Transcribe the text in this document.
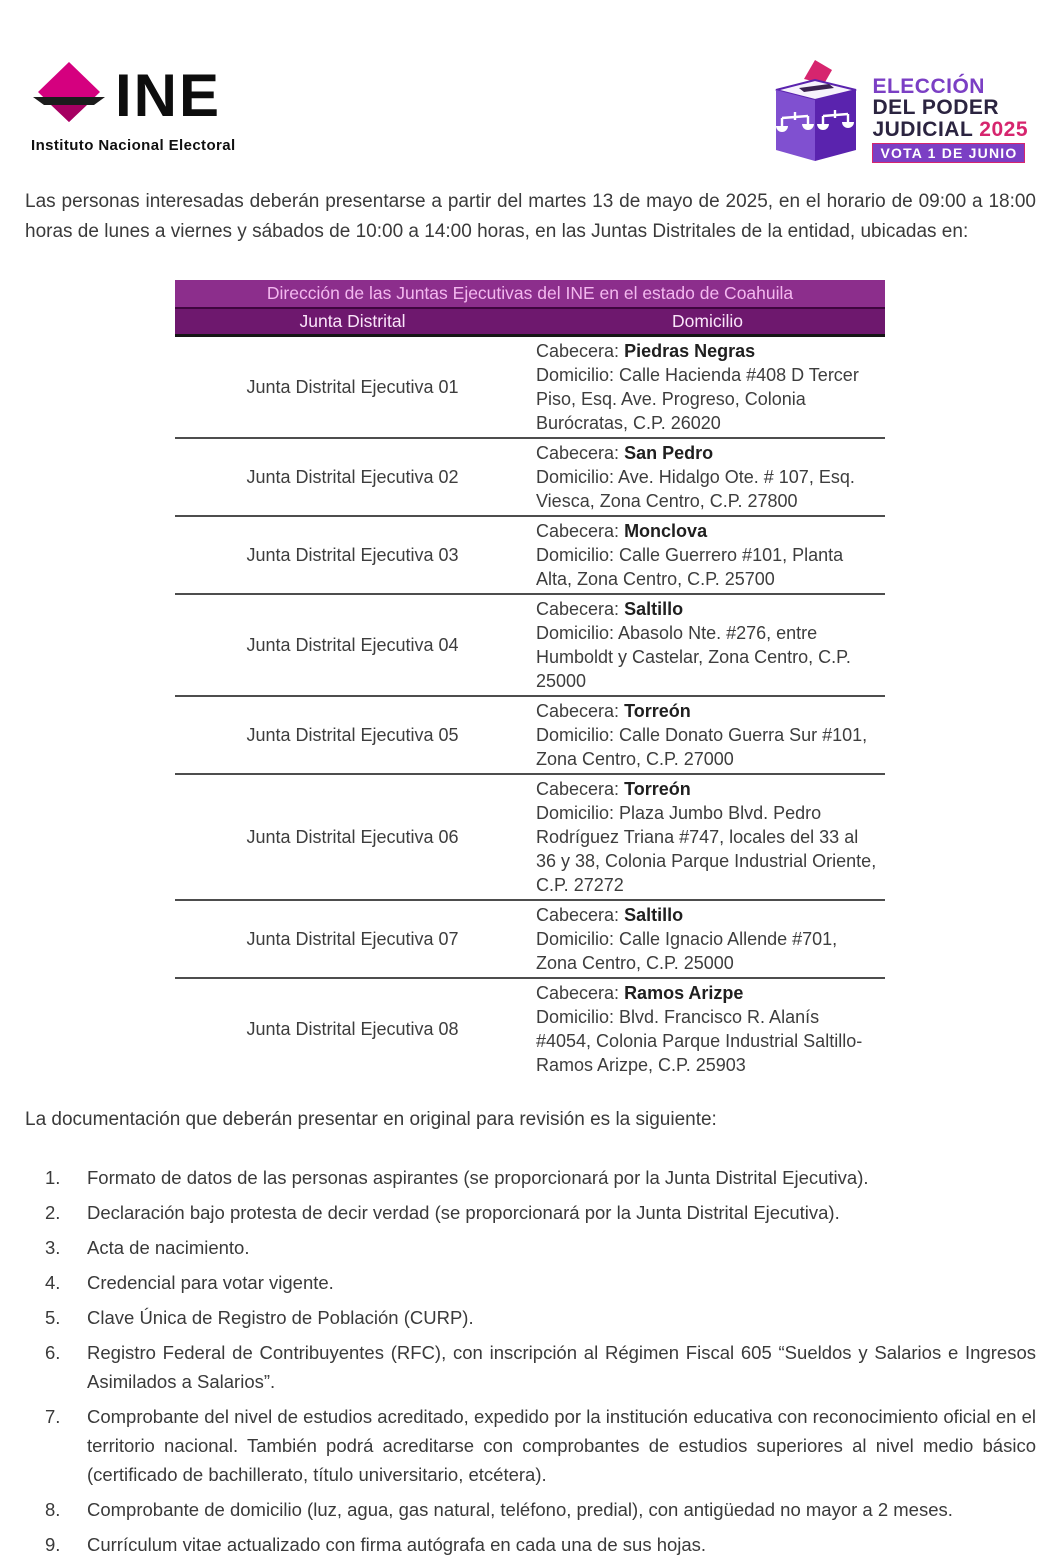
INE
Instituto Nacional Electoral
ELECCIÓN
DEL PODER
JUDICIAL 2025
VOTA 1 DE JUNIO

Las personas interesadas deberán presentarse a partir del martes 13 de mayo de 2025, en el horario de 09:00 a 18:00 horas de lunes a viernes y sábados de 10:00 a 14:00 horas, en las Juntas Distritales de la entidad, ubicadas en:

Dirección de las Juntas Ejecutivas del INE en el estado de Coahuila	
Junta Distrital	Domicilio
Junta Distrital Ejecutiva 01	Cabecera: Piedras Negras
Domicilio: Calle Hacienda #408 D Tercer Piso, Esq. Ave. Progreso, Colonia Burócratas, C.P. 26020

Junta Distrital Ejecutiva 02	Cabecera: San Pedro
Domicilio: Ave. Hidalgo Ote. # 107, Esq. Viesca, Zona Centro, C.P. 27800

Junta Distrital Ejecutiva 03	Cabecera: Monclova
Domicilio: Calle Guerrero #101, Planta Alta, Zona Centro, C.P. 25700

Junta Distrital Ejecutiva 04	Cabecera: Saltillo
Domicilio: Abasolo Nte. #276, entre Humboldt y Castelar, Zona Centro, C.P. 25000

Junta Distrital Ejecutiva 05	Cabecera: Torreón
Domicilio: Calle Donato Guerra Sur #101, Zona Centro, C.P. 27000

Junta Distrital Ejecutiva 06	Cabecera: Torreón
Domicilio: Plaza Jumbo Blvd. Pedro Rodríguez Triana #747, locales del 33 al 36 y 38, Colonia Parque Industrial Oriente, C.P. 27272

Junta Distrital Ejecutiva 07	Cabecera: Saltillo
Domicilio: Calle Ignacio Allende #701, Zona Centro, C.P. 25000

Junta Distrital Ejecutiva 08	Cabecera: Ramos Arizpe
Domicilio: Blvd. Francisco R. Alanís #4054, Colonia Parque Industrial Saltillo-Ramos Arizpe, C.P. 25903

La documentación que deberán presentar en original para revisión es la siguiente:

1.	Formato de datos de las personas aspirantes (se proporcionará por la Junta Distrital Ejecutiva).
2.	Declaración bajo protesta de decir verdad (se proporcionará por la Junta Distrital Ejecutiva).
3.	Acta de nacimiento.
4.	Credencial para votar vigente.
5.	Clave Única de Registro de Población (CURP).
6.	Registro Federal de Contribuyentes (RFC), con inscripción al Régimen Fiscal 605 “Sueldos y Salarios e Ingresos Asimilados a Salarios”.
7.	Comprobante del nivel de estudios acreditado, expedido por la institución educativa con reconocimiento oficial en el territorio nacional. También podrá acreditarse con comprobantes de estudios superiores al nivel medio básico (certificado de bachillerato, título universitario, etcétera).
8.	Comprobante de domicilio (luz, agua, gas natural, teléfono, predial), con antigüedad no mayor a 2 meses.
9.	Currículum vitae actualizado con firma autógrafa en cada una de sus hojas.
